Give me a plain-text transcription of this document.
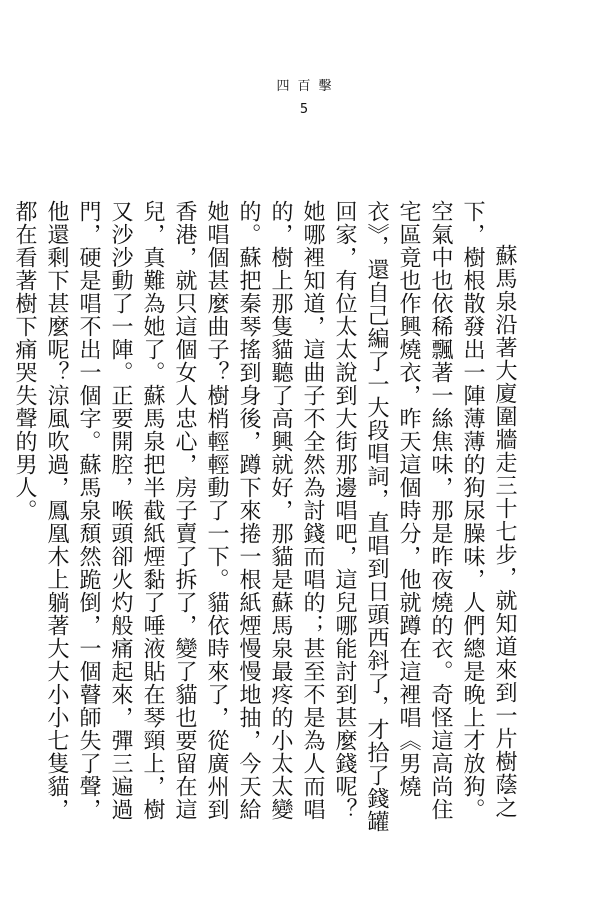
四百擊
5

蘇馬泉沿著大廈圍牆走三十七步，就知道來到一片樹蔭之下，樹根散發出一陣薄薄的狗尿臊味，人們總是晚上才放狗。空氣中也依稀飄著一絲焦味，那是昨夜燒的衣。奇怪這高尚住宅區竟也作興燒衣，昨天這個時分，他就蹲在這裡唱《男燒衣》，還自己編了一大段唱詞，直唱到日頭西斜了，才拾了錢罐回家，有位太太說到大街那邊唱吧，這兒哪能討到甚麼錢呢？她哪裡知道，這曲子不全然為討錢而唱的；甚至不是為人而唱的，樹上那隻貓聽了高興就好，那貓是蘇馬泉最疼的小太太變的。蘇把秦琴搖到身後，蹲下來捲一根紙煙慢慢地抽，今天給她唱個甚麼曲子？樹梢輕輕動了一下。貓依時來了，從廣州到香港，就只這個女人忠心，房子賣了拆了，變了貓也要留在這兒，真難為她了。蘇馬泉把半截紙煙黏了唾液貼在琴頸上，樹又沙沙動了一陣。正要開腔，喉頭卻火灼般痛起來，彈三遍過門，硬是唱不出一個字。蘇馬泉頹然跪倒，一個瞽師失了聲，他還剩下甚麼呢？涼風吹過，鳳凰木上躺著大大小小七隻貓，都在看著樹下痛哭失聲的男人。
